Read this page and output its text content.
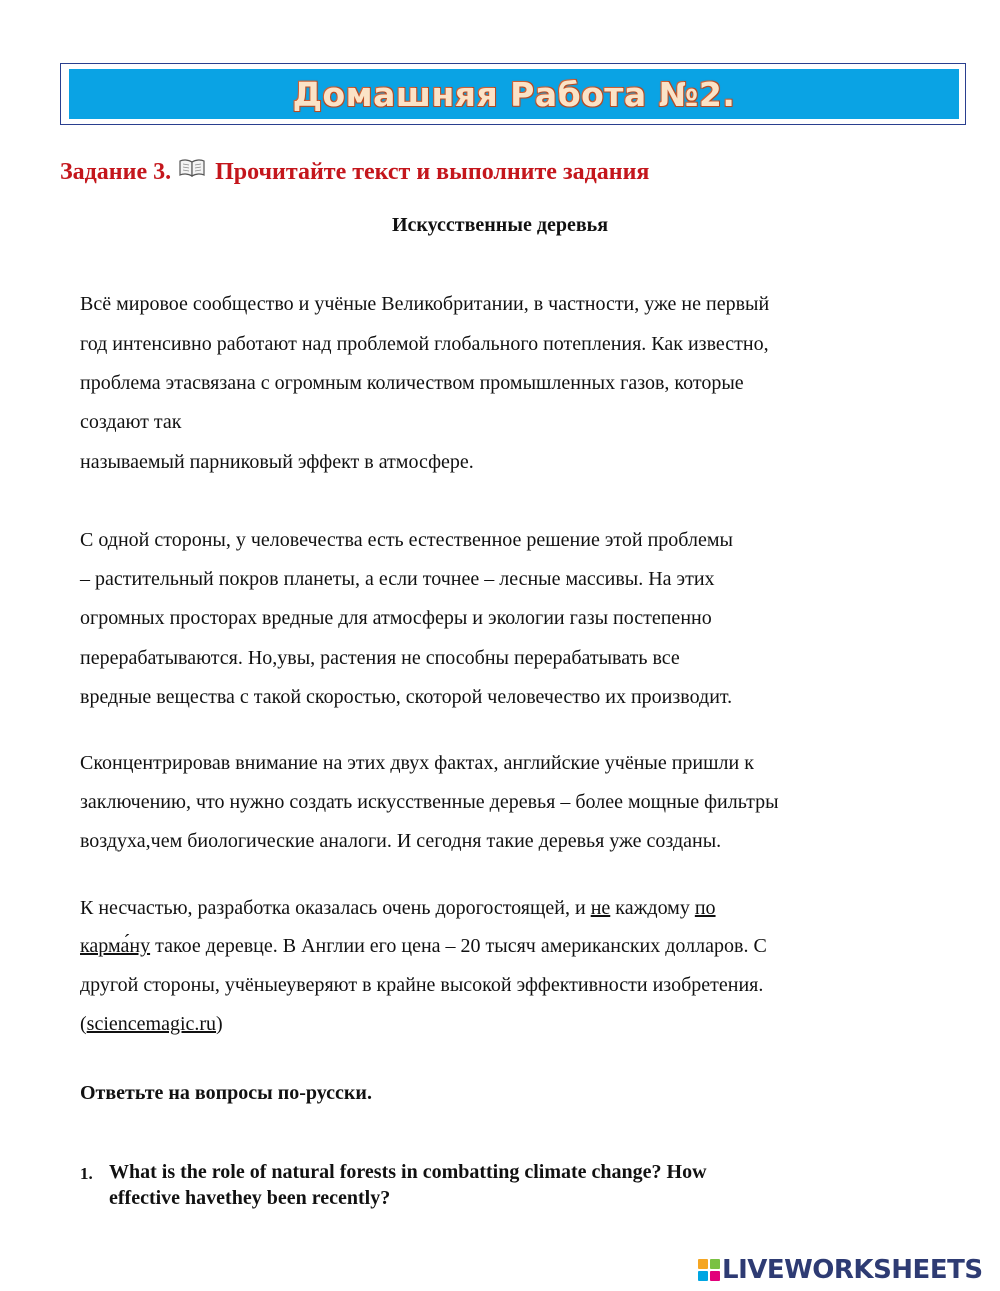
Домашняя Работа №2.
Задание 3. Прочитайте текст и выполните задания
Искусственные деревья
Всё мировое сообщество и учёные Великобритании, в частности, уже не первый
год интенсивно работают над проблемой глобального потепления. Как известно,
проблема этасвязана с огромным количеством промышленных газов, которые
создают так
называемый парниковый эффект в атмосфере.
С одной стороны, у человечества есть естественное решение этой проблемы
– растительный покров планеты, а если точнее – лесные массивы. На этих
огромных просторах вредные для атмосферы и экологии газы постепенно
перерабатываются. Но,увы, растения не способны перерабатывать все
вредные вещества с такой скоростью, скоторой человечество их производит.
Сконцентрировав внимание на этих двух фактах, английские учёные пришли к
заключению, что нужно создать искусственные деревья – более мощные фильтры
воздуха,чем биологические аналоги. И сегодня такие деревья уже созданы.
К несчастью, разработка оказалась очень дорогостоящей, и не каждому по
карма́ну такое деревце. В Англии его цена – 20 тысяч американских долларов. С
другой стороны, учёныеуверяют в крайне высокой эффективности изобретения.
(sciencemagic.ru)
Ответьте на вопросы по-русски.
1. What is the role of natural forests in combatting climate change? How
effective havethey been recently?
LIVEWORKSHEETS
